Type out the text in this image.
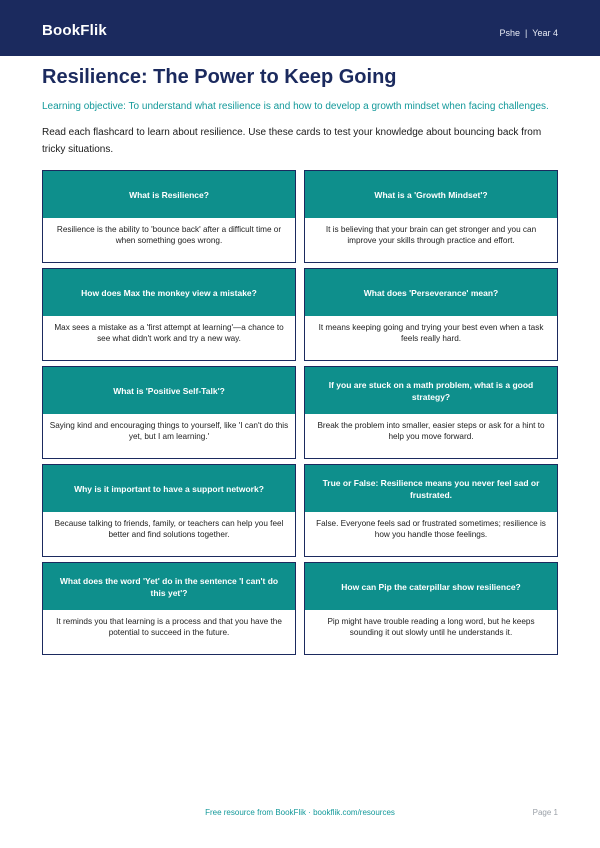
BookFlik	Pshe | Year 4
Resilience: The Power to Keep Going

Learning objective: To understand what resilience is and how to develop a growth mindset when facing challenges.

Read each flashcard to learn about resilience. Use these cards to test your knowledge about bouncing back from tricky situations.

What is Resilience?
Resilience is the ability to 'bounce back' after a difficult time or when something goes wrong.
What is a 'Growth Mindset'?
It is believing that your brain can get stronger and you can improve your skills through practice and effort.
How does Max the monkey view a mistake?
Max sees a mistake as a 'first attempt at learning'—a chance to see what didn't work and try a new way.
What does 'Perseverance' mean?
It means keeping going and trying your best even when a task feels really hard.
What is 'Positive Self-Talk'?
Saying kind and encouraging things to yourself, like 'I can't do this yet, but I am learning.'
If you are stuck on a math problem, what is a good strategy?
Break the problem into smaller, easier steps or ask for a hint to help you move forward.
Why is it important to have a support network?
Because talking to friends, family, or teachers can help you feel better and find solutions together.
True or False: Resilience means you never feel sad or frustrated.
False. Everyone feels sad or frustrated sometimes; resilience is how you handle those feelings.
What does the word 'Yet' do in the sentence 'I can't do this yet'?
It reminds you that learning is a process and that you have the potential to succeed in the future.
How can Pip the caterpillar show resilience?
Pip might have trouble reading a long word, but he keeps sounding it out slowly until he understands it.
Free resource from BookFlik · bookflik.com/resources	Page 1
